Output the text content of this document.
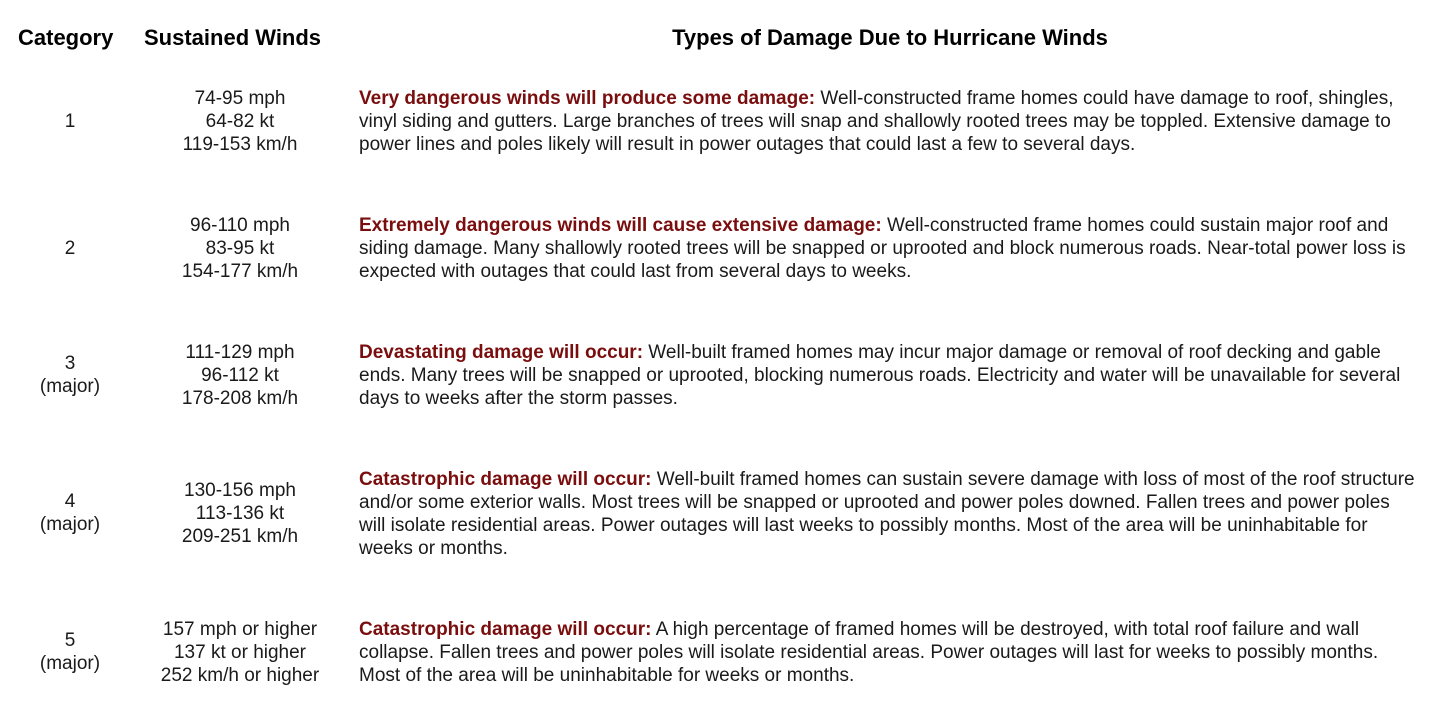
Category Sustained Winds	Types of Damage Due to Hurricane Winds
1
74-95 mph
64-82 kt
119-153 km/h
Very dangerous winds will produce some damage: Well-constructed frame homes could have damage to roof, shingles, vinyl siding and gutters. Large branches of trees will snap and shallowly rooted trees may be toppled. Extensive damage to power lines and poles likely will result in power outages that could last a few to several days.
2
96-110 mph
83-95 kt
154-177 km/h
Extremely dangerous winds will cause extensive damage: Well-constructed frame homes could sustain major roof and siding damage. Many shallowly rooted trees will be snapped or uprooted and block numerous roads. Near-total power loss is expected with outages that could last from several days to weeks.
3
(major)
111-129 mph
96-112 kt
178-208 km/h
Devastating damage will occur: Well-built framed homes may incur major damage or removal of roof decking and gable ends. Many trees will be snapped or uprooted, blocking numerous roads. Electricity and water will be unavailable for several days to weeks after the storm passes.
4
(major)
130-156 mph
113-136 kt
209-251 km/h
Catastrophic damage will occur: Well-built framed homes can sustain severe damage with loss of most of the roof structure and/or some exterior walls. Most trees will be snapped or uprooted and power poles downed. Fallen trees and power poles will isolate residential areas. Power outages will last weeks to possibly months. Most of the area will be uninhabitable for weeks or months.
5
(major)
157 mph or higher
137 kt or higher
252 km/h or higher
Catastrophic damage will occur: A high percentage of framed homes will be destroyed, with total roof failure and wall collapse. Fallen trees and power poles will isolate residential areas. Power outages will last for weeks to possibly months. Most of the area will be uninhabitable for weeks or months.
